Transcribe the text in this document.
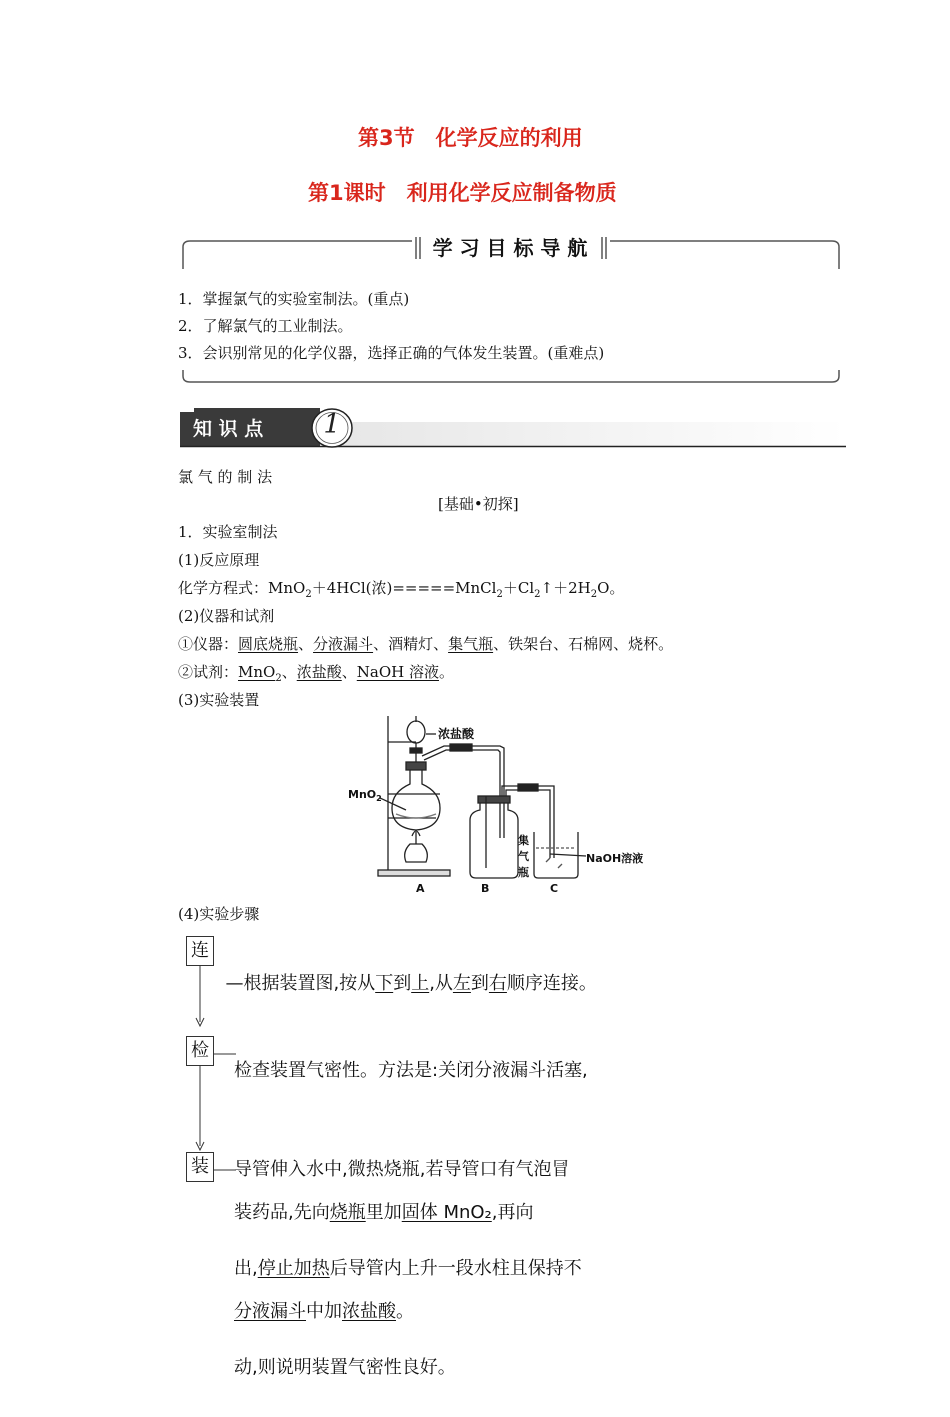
第3节　化学反应的利用
第1课时　利用化学反应制备物质
学 习 目 标 导 航
1．掌握氯气的实验室制法。(重点)
2．了解氯气的工业制法。
3．会识别常见的化学仪器，选择正确的气体发生装置。(重难点)
知 识 点 1
氯 气 的 制 法
[基础•初探]
1．实验室制法
(1)反应原理
化学方程式：MnO$_2$＋4HCl(浓)$=====MnCl_2+Cl_2↑+2H_2O$。
(2)仪器和试剂
①仪器：圆底烧瓶、分液漏斗、酒精灯、集气瓶、铁架台、石棉网、烧杯。
②试剂：MnO$_2$、浓盐酸、NaOH 溶液。
(3)实验装置
浓盐酸
MnO$_2$
集
气
瓶
NaOH溶液
A	B	C
(4)实验步骤
连
检
装

—根据装置图,按从下到上,从左到右顺序连接。

检查装置气密性。方法是:关闭分液漏斗活塞,

导管伸入水中,微热烧瓶,若导管口有气泡冒

出,停止加热后导管内上升一段水柱且保持不

动,则说明装置气密性良好。

装药品,先向烧瓶里加固体 MnO₂,再向

分液漏斗中加浓盐酸。
